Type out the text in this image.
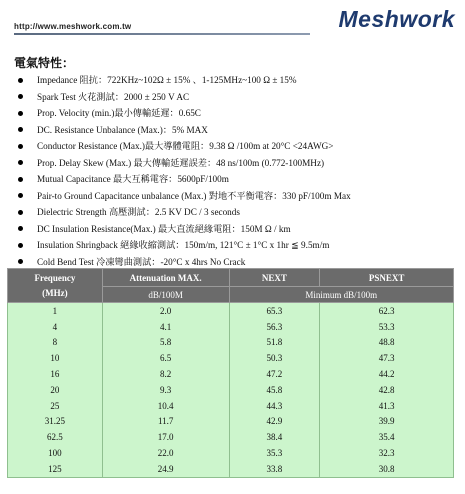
http://www.meshwork.com.tw	Meshwork
電氣特性：
Impedance 阻抗：722KHz~102Ω ± 15% 、1-125MHz~100 Ω ± 15%
Spark Test 火花測試：2000 ± 250 V AC
Prop. Velocity (min.)最小傳輸延遲：0.65C
DC. Resistance Unbalance (Max.)：5% MAX
Conductor Resistance (Max.)最大導體電阻：9.38 Ω /100m at 20°C <24AWG>
Prop. Delay Skew (Max.) 最大傳輸延遲誤差：48 ns/100m (0.772-100MHz)
Mutual Capacitance 最大互稱電容：5600pF/100m
Pair-to Ground Capacitance unbalance (Max.) 對地不平衡電容：330 pF/100m Max
Dielectric Strength 高壓測試：2.5 KV DC / 3 seconds
DC Insulation Resistance(Max.) 最大直流絕緣電阻：150M Ω / km
Insulation Shringback 絕緣收縮測試：150m/m, 121°C ± 1°C x 1hr ≦ 9.5m/m
Cold Bend Test 冷凍彎曲測試：-20°C x 4hrs No Crack
Frequency
(MHz)	Attenuation MAX.	NEXT	PSNEXT
	dB/100M	Minimum dB/100m	
1	2.0	65.3	62.3
4	4.1	56.3	53.3
8	5.8	51.8	48.8
10	6.5	50.3	47.3
16	8.2	47.2	44.2
20	9.3	45.8	42.8
25	10.4	44.3	41.3
31.25	11.7	42.9	39.9
62.5	17.0	38.4	35.4
100	22.0	35.3	32.3
125	24.9	33.8	30.8
